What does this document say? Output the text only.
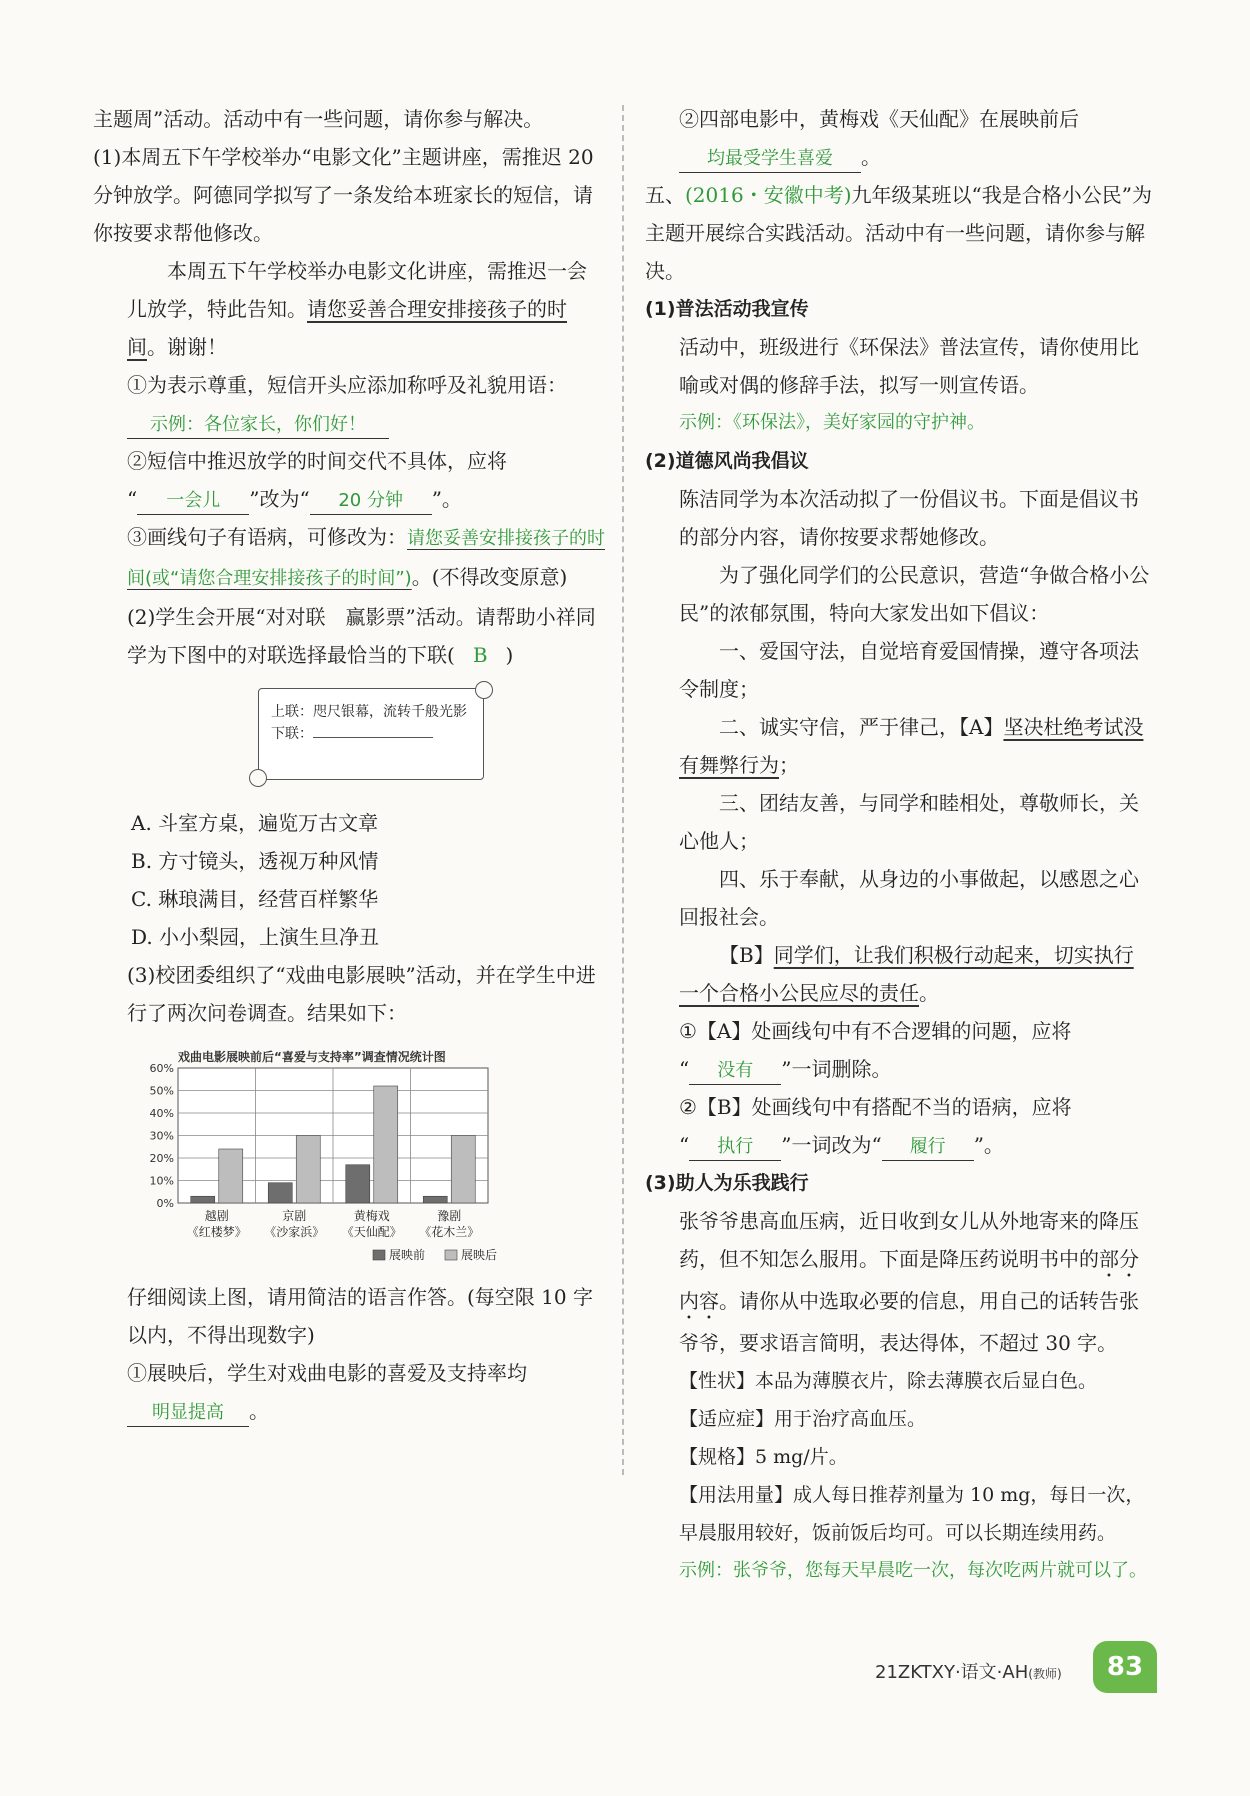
主题周”活动。活动中有一些问题，请你参与解决。

(1)本周五下午学校举办“电影文化”主题讲座，需推迟 20 分钟放学。阿德同学拟写了一条发给本班家长的短信，请你按要求帮他修改。

本周五下午学校举办电影文化讲座，需推迟一会儿放学，特此告知。请您妥善合理安排接孩子的时间。谢谢！

①为表示尊重，短信开头应添加称呼及礼貌用语：

示例：各位家长，你们好！

②短信中推迟放学的时间交代不具体，应将

“ 一会儿 ”改为“ 20 分钟 ”。

③画线句子有语病，可修改为：请您妥善安排接孩子的时间(或“请您合理安排接孩子的时间”)。(不得改变原意)

(2)学生会开展“对对联　赢影票”活动。请帮助小祥同学为下图中的对联选择最恰当的下联( B )

上联：咫尺银幕，流转千般光影
下联：

A. 斗室方桌，遍览万古文章

B. 方寸镜头，透视万种风情

C. 琳琅满目，经营百样繁华

D. 小小梨园，上演生旦净丑

(3)校团委组织了“戏曲电影展映”活动，并在学生中进行了两次问卷调查。结果如下：

戏曲电影展映前后“喜爱与支持率”调查情况统计图
0%
10%
20%
30%
40%
50%
60%
越剧
《红楼梦》
京剧
《沙家浜》
黄梅戏
《天仙配》
豫剧
《花木兰》
展映前	展映后

仔细阅读上图，请用简洁的语言作答。(每空限 10 字以内，不得出现数字)

①展映后，学生对戏曲电影的喜爱及支持率均明显提高 。

②四部电影中，黄梅戏《天仙配》在展映前后均最受学生喜爱 。

五、(2016・安徽中考)九年级某班以“我是合格小公民”为主题开展综合实践活动。活动中有一些问题，请你参与解决。

(1)普法活动我宣传

活动中，班级进行《环保法》普法宣传，请你使用比喻或对偶的修辞手法，拟写一则宣传语。

示例：《环保法》，美好家园的守护神。

(2)道德风尚我倡议

陈洁同学为本次活动拟了一份倡议书。下面是倡议书的部分内容，请你按要求帮她修改。

为了强化同学们的公民意识，营造“争做合格小公民”的浓郁氛围，特向大家发出如下倡议：

一、爱国守法，自觉培育爱国情操，遵守各项法令制度；

二、诚实守信，严于律己，【A】坚决杜绝考试没有舞弊行为；

三、团结友善，与同学和睦相处，尊敬师长，关心他人；

四、乐于奉献，从身边的小事做起，以感恩之心回报社会。

【B】同学们，让我们积极行动起来，切实执行一个合格小公民应尽的责任。

①【A】处画线句中有不合逻辑的问题，应将

“ 没有 ”一词删除。

②【B】处画线句中有搭配不当的语病，应将

“ 执行 ”一词改为“ 履行 ”。

(3)助人为乐我践行

张爷爷患高血压病，近日收到女儿从外地寄来的降压药，但不知怎么服用。下面是降压药说明书中的部分内容。请你从中选取必要的信息，用自己的话转告张爷爷，要求语言简明，表达得体，不超过 30 字。

【性状】本品为薄膜衣片，除去薄膜衣后显白色。

【适应症】用于治疗高血压。

【规格】5 mg/片。

【用法用量】成人每日推荐剂量为 10 mg，每日一次，早晨服用较好，饭前饭后均可。可以长期连续用药。

示例：张爷爷，您每天早晨吃一次，每次吃两片就可以了。

21ZKTXY·语文·AH(教师)	83
